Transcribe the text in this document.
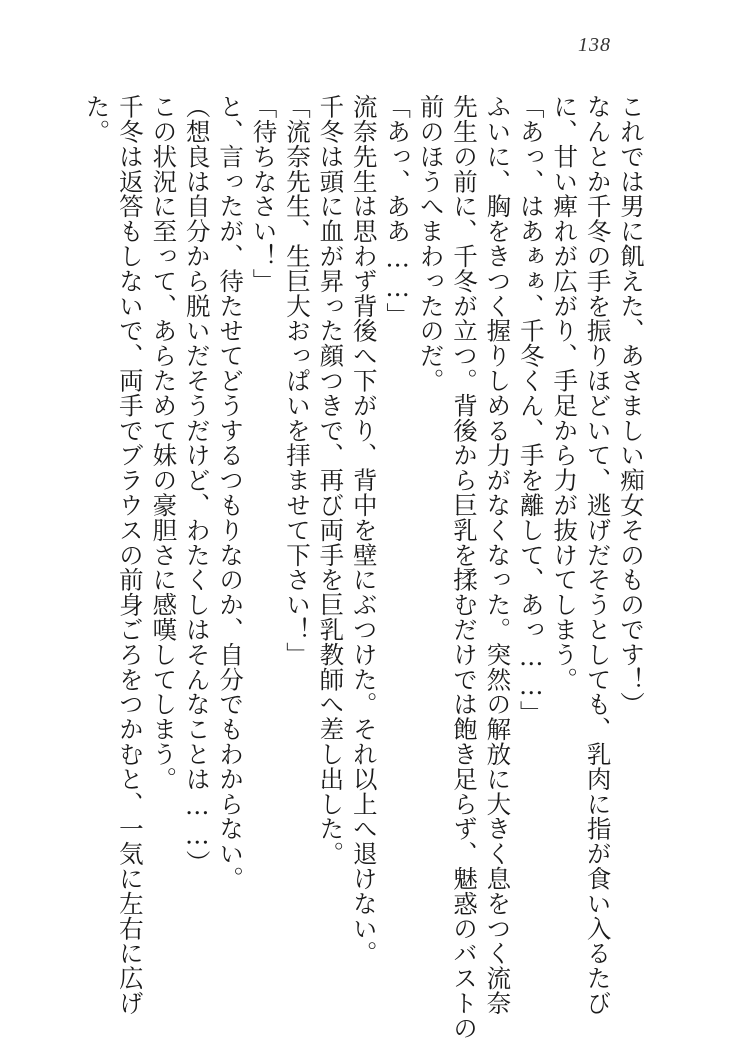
138
これでは男に飢えた、あさましい痴女そのものです！）
なんとか千冬の手を振りほどいて、逃げだそうとしても、乳肉に指が食い入るたび
に、甘い痺れが広がり、手足から力が抜けてしまう。
「あっ、はあぁぁ、千冬くん、手を離して、あっ……」
ふいに、胸をきつく握りしめる力がなくなった。突然の解放に大きく息をつく流奈
先生の前に、千冬が立つ。背後から巨乳を揉むだけでは飽き足らず、魅惑のバストの
前のほうへまわったのだ。
「あっ、ああ……」
流奈先生は思わず背後へ下がり、背中を壁にぶつけた。それ以上へ退けない。
千冬は頭に血が昇った顔つきで、再び両手を巨乳教師へ差し出した。
「流奈先生、生巨大おっぱいを拝ませて下さい！」
「待ちなさい！」
と、言ったが、待たせてどうするつもりなのか、自分でもわからない。
（想良は自分から脱いだそうだけど、わたくしはそんなことは……）
この状況に至って、あらためて妹の豪胆さに感嘆してしまう。
千冬は返答もしないで、両手でブラウスの前身ごろをつかむと、一気に左右に広げ
た。
